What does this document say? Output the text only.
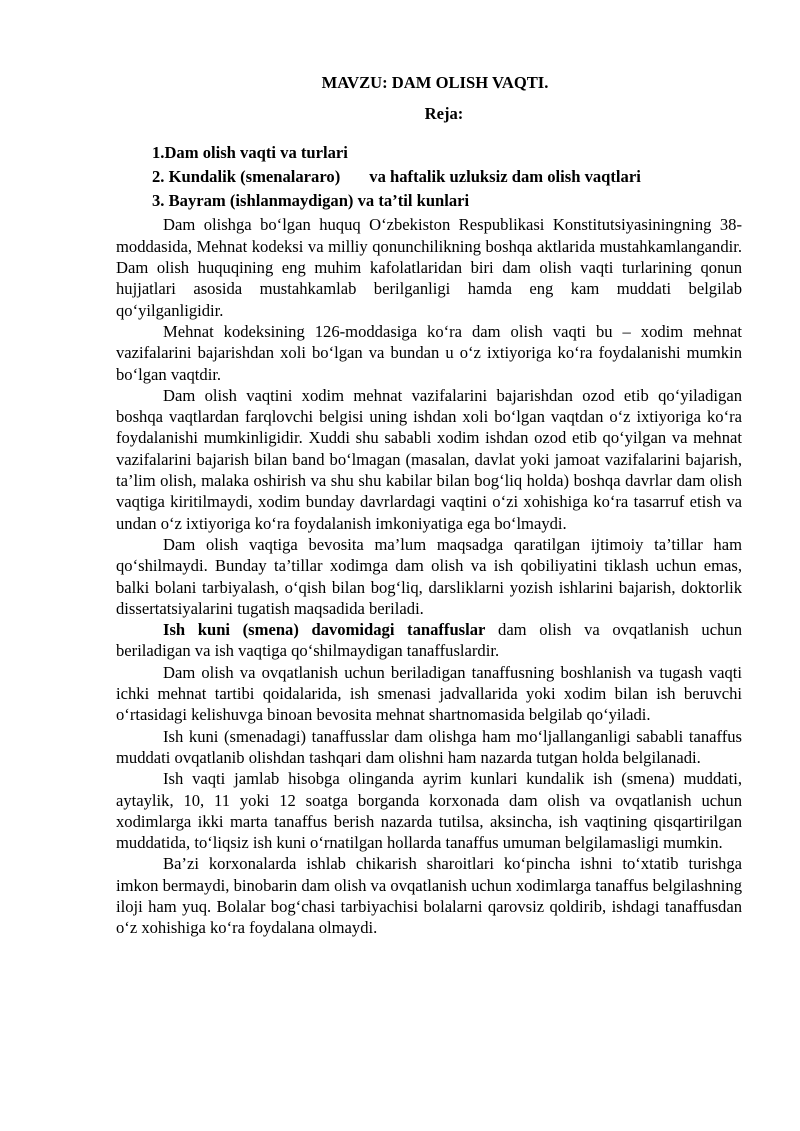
MAVZU: DAM OLISH VAQTI.
Reja:
1.Dam olish vaqti va turlari
2. Kundalik (smenalararo)       va haftalik uzluksiz dam olish vaqtlari
3. Bayram (ishlanmaydigan) va ta’til kunlari

Dam olishga bo‘lgan huquq O‘zbekiston Respublikasi Konstitutsiyasiningning 38-moddasida, Mehnat kodeksi va milliy qonunchilikning boshqa aktlarida mustahkamlangandir. Dam olish huquqining eng muhim kafolatlaridan biri dam olish vaqti turlarining qonun hujjatlari asosida mustahkamlab berilganligi hamda eng kam muddati belgilab qo‘yilganligidir.

Mehnat kodeksining 126-moddasiga ko‘ra dam olish vaqti bu – xodim mehnat vazifalarini bajarishdan xoli bo‘lgan va bundan u o‘z ixtiyoriga ko‘ra foydalanishi mumkin bo‘lgan vaqtdir.

Dam olish vaqtini xodim mehnat vazifalarini bajarishdan ozod etib qo‘yiladigan boshqa vaqtlardan farqlovchi belgisi uning ishdan xoli bo‘lgan vaqtdan o‘z ixtiyoriga ko‘ra foydalanishi mumkinligidir. Xuddi shu sababli xodim ishdan ozod etib qo‘yilgan va mehnat vazifalarini bajarish bilan band bo‘lmagan (masalan, davlat yoki jamoat vazifalarini bajarish, ta’lim olish, malaka oshirish va shu shu kabilar bilan bog‘liq holda) boshqa davrlar dam olish vaqtiga kiritilmaydi, xodim bunday davrlardagi vaqtini o‘zi xohishiga ko‘ra tasarruf etish va undan o‘z ixtiyoriga ko‘ra foydalanish imkoniyatiga ega bo‘lmaydi.

Dam olish vaqtiga bevosita ma’lum maqsadga qaratilgan ijtimoiy ta’tillar ham qo‘shilmaydi. Bunday ta’tillar xodimga dam olish va ish qobiliyatini tiklash uchun emas, balki bolani tarbiyalash, o‘qish bilan bog‘liq, darsliklarni yozish ishlarini bajarish, doktorlik dissertatsiyalarini tugatish maqsadida beriladi.

Ish kuni (smena) davomidagi tanaffuslar dam olish va ovqatlanish uchun beriladigan va ish vaqtiga qo‘shilmaydigan tanaffuslardir.

Dam olish va ovqatlanish uchun beriladigan tanaffusning boshlanish va tugash vaqti ichki mehnat tartibi qoidalarida, ish smenasi jadvallarida yoki xodim bilan ish beruvchi o‘rtasidagi kelishuvga binoan bevosita mehnat shartnomasida belgilab qo‘yiladi.

Ish kuni (smenadagi) tanaffusslar dam olishga ham mo‘ljallanganligi sababli tanaffus muddati ovqatlanib olishdan tashqari dam olishni ham nazarda tutgan holda belgilanadi.

Ish vaqti jamlab hisobga olinganda ayrim kunlari kundalik ish (smena) muddati, aytaylik, 10, 11 yoki 12 soatga borganda korxonada dam olish va ovqatlanish uchun xodimlarga ikki marta tanaffus berish nazarda tutilsa, aksincha, ish vaqtining qisqartirilgan muddatida, to‘liqsiz ish kuni o‘rnatilgan hollarda tanaffus umuman belgilamasligi mumkin.

Ba’zi korxonalarda ishlab chikarish sharoitlari ko‘pincha ishni to‘xtatib turishga imkon bermaydi, binobarin dam olish va ovqatlanish uchun xodimlarga tanaffus belgilashning iloji ham yuq. Bolalar bog‘chasi tarbiyachisi bolalarni qarovsiz qoldirib, ishdagi tanaffusdan o‘z xohishiga ko‘ra foydalana olmaydi.
